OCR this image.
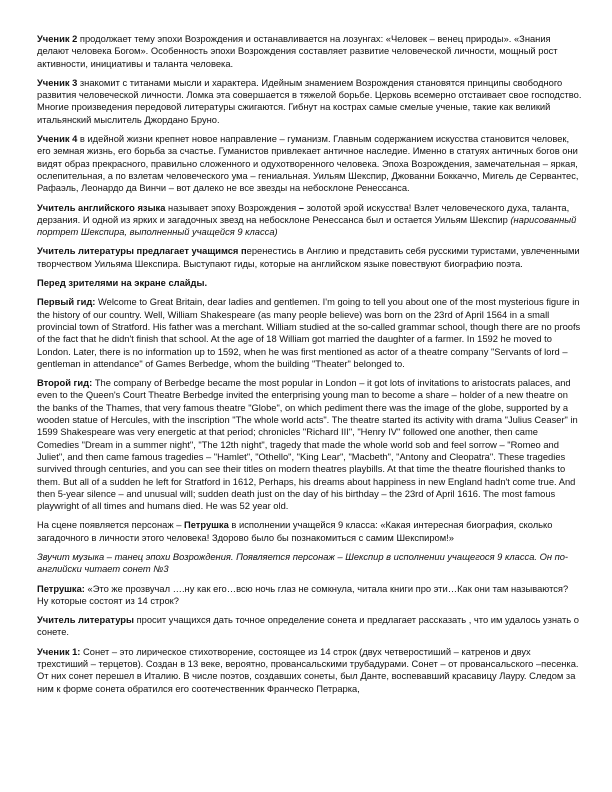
Ученик 2 продолжает тему эпохи Возрождения и останавливается на лозунгах: «Человек – венец природы». «Знания делают человека Богом». Особенность эпохи Возрождения составляет развитие человеческой личности, мощный рост активности, инициативы и таланта человека.

Ученик 3 знакомит с титанами мысли и характера. Идейным знамением Возрождения становятся принципы свободного развития человеческой личности. Ломка эта совершается в тяжелой борьбе. Церковь всемерно отстаивает свое господство. Многие произведения передовой литературы сжигаются. Гибнут на кострах самые смелые ученые, такие как великий итальянский мыслитель Джордано Бруно.

Ученик 4 в идейной жизни крепнет новое направление – гуманизм. Главным содержанием искусства становится человек, его земная жизнь, его борьба за счастье. Гуманистов привлекает античное наследие. Именно в статуях античных богов они видят образ прекрасного, правильно сложенного и одухотворенного человека. Эпоха Возрождения, замечательная – яркая, ослепительная, а по взлетам человеческого ума – гениальная. Уильям Шекспир, Джованни Боккаччо, Мигель де Сервантес, Рафаэль, Леонардо да Винчи – вот далеко не все звезды на небосклоне Ренессанса.

Учитель английского языка называет эпоху Возрождения – золотой эрой искусства! Взлет человеческого духа, таланта, дерзания. И одной из ярких и загадочных звезд на небосклоне Ренессанса был и остается Уильям Шекспир (нарисованный портрет Шекспира, выполненный учащейся 9 класса)

Учитель литературы предлагает учащимся перенестись в Англию и представить себя русскими туристами, увлеченными творчеством Уильяма Шекспира. Выступают гиды, которые на английском языке повествуют биографию поэта.

Перед зрителями на экране слайды.

Первый гид: Welcome to Great Britain, dear ladies and gentlemen. I'm going to tell you about one of the most mysterious figure in the history of our country. Well, William Shakespeare (as many people believe) was born on the 23rd of April 1564 in a small provincial town of Stratford. His father was a merchant. William studied at the so-called grammar school, though there are no proofs of the fact that he didn't finish that school. At the age of 18 William got married the daughter of a farmer. In 1592 he moved to London. Later, there is no information up to 1592, when he was first mentioned as actor of a theatre company "Servants of lord – gentleman in attendance" of Games Berbedge, whom the building "Theater" belonged to.

Второй гид: The company of Berbedge became the most popular in London – it got lots of invitations to aristocrats palaces, and even to the Queen's Court Theatre Berbedge invited the enterprising young man to become a share – holder of a new theatre on the banks of the Thames, that very famous theatre "Globe", on which pediment there was the image of the globe, supported by a wooden statue of Hercules, with the inscription "The whole world acts". The theatre started its activity with drama "Julius Ceaser" in 1599 Shakespeare was very energetic at that period; chronicles "Richard III", "Henry IV" followed one another, then came Comedies "Dream in a summer night", "The 12th night", tragedy that made the whole world sob and feel sorrow – "Romeo and Juliet", and then came famous tragedies – "Hamlet", "Othello", "King Lear", "Macbeth", "Antony and Cleopatra". These tragedies survived through centuries, and you can see their titles on modern theatres playbills. At that time the theatre flourished thanks to them. But all of a sudden he left for Stratford in 1612, Perhaps, his dreams about happiness in new England hadn't come true. And then 5-year silence – and unusual will; sudden death just on the day of his birthday – the 23rd of April 1616. The most famous playwright of all times and humans died. He was 52 year old.

На сцене появляется персонаж – Петрушка в исполнении учащейся 9 класса: «Какая интересная биография, сколько загадочного в личности этого человека! Здорово было бы познакомиться с самим Шекспиром!»

Звучит музыка – танец эпохи Возрождения. Появляется персонаж – Шекспир в исполнении учащегося 9 класса. Он по-английски читает сонет №3

Петрушка: «Это же прозвучал ….ну как его…всю ночь глаз не сомкнула, читала книги про эти…Как они там называются? Ну которые состоят из 14 строк?

Учитель литературы просит учащихся дать точное определение сонета и предлагает рассказать , что им удалось узнать о сонете.

Ученик 1: Сонет – это лирическое стихотворение, состоящее из 14 строк (двух четверостиший – катренов и двух трехстиший – терцетов). Создан в 13 веке, вероятно, провансальскими трубадурами. Сонет – от провансальского –песенка. От них сонет перешел в Италию. В числе поэтов, создавших сонеты, был Данте, воспевавший красавицу Лауру. Следом за ним к форме сонета обратился его соотечественник Франческо Петрарка,
